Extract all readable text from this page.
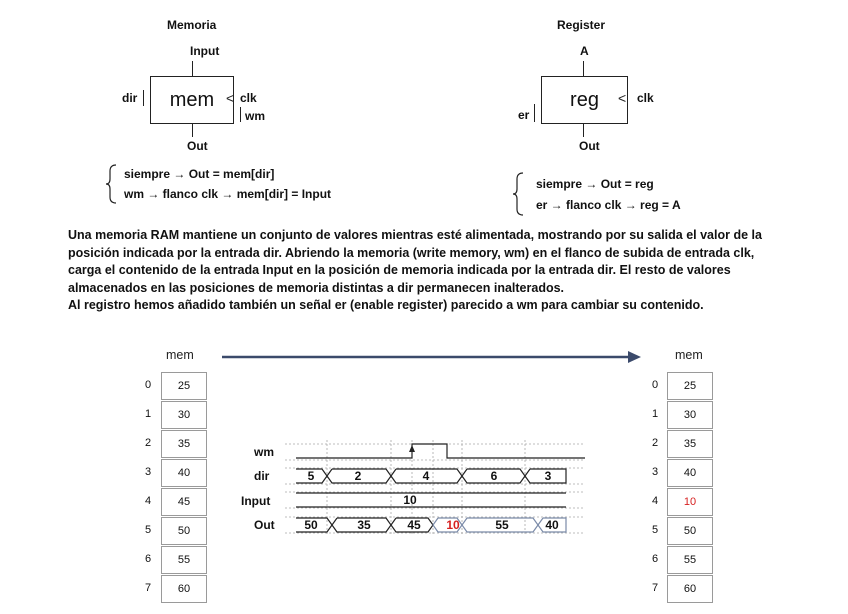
Memoria
Input
mem
dir	< clk
wm
Out
siempre → Out = mem[dir]
wm → flanco clk → mem[dir] = Input
Register
A
reg
er
< clk
Out
siempre → Out = reg
er → flanco clk → reg = A
Una memoria RAM mantiene un conjunto de valores mientras esté alimentada, mostrando por su salida el valor de la
posición indicada por la entrada dir. Abriendo la memoria (write memory, wm) en el flanco de subida de entrada clk,
carga el contenido de la entrada Input en la posición de memoria indicada por la entrada dir. El resto de valores
almacenados en las posiciones de memoria distintas a dir permanecen inalterados.
Al registro hemos añadido también un señal er (enable register) parecido a wm para cambiar su contenido.
mem	mem
0	25
1	30
2	35
3	40
4	45
5	50
6	55
7	60
0	25
1	30
2	35
3	40
4	10
5	50
6	55
7	60
wm
dir
Input
Out
5	2	4	6	3
10
50	35	45 10	55	40
